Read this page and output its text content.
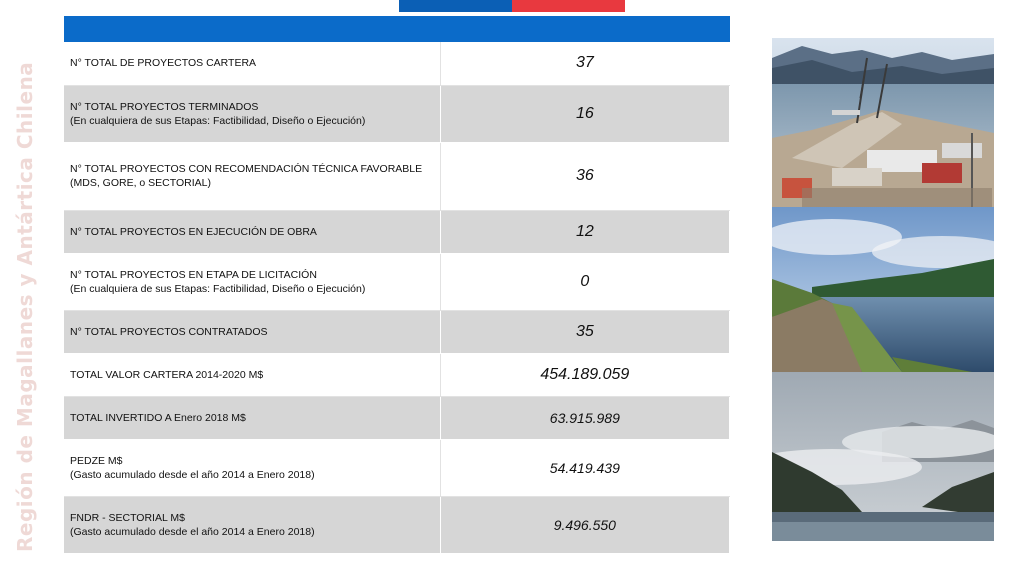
Región de Magallanes y Antártica Chilena	N° TOTAL DE PROYECTOS CARTERA	37

N° TOTAL PROYECTOS TERMINADOS
(En cualquiera de sus Etapas: Factibilidad, Diseño o Ejecución)	16

N° TOTAL PROYECTOS CON RECOMENDACIÓN TÉCNICA FAVORABLE
(MDS, GORE, o SECTORIAL)	36
N° TOTAL PROYECTOS EN EJECUCIÓN DE OBRA	12

N° TOTAL PROYECTOS EN ETAPA DE LICITACIÓN
(En cualquiera de sus Etapas: Factibilidad, Diseño o Ejecución)	0
N° TOTAL PROYECTOS CONTRATADOS	35
TOTAL VALOR CARTERA 2014-2020 M$	454.189.059
TOTAL INVERTIDO A Enero 2018 M$	63.915.989

PEDZE M$
(Gasto acumulado desde el año 2014 a Enero 2018)	54.419.439

FNDR - SECTORIAL M$
(Gasto acumulado desde el año 2014 a Enero 2018)	9.496.550
